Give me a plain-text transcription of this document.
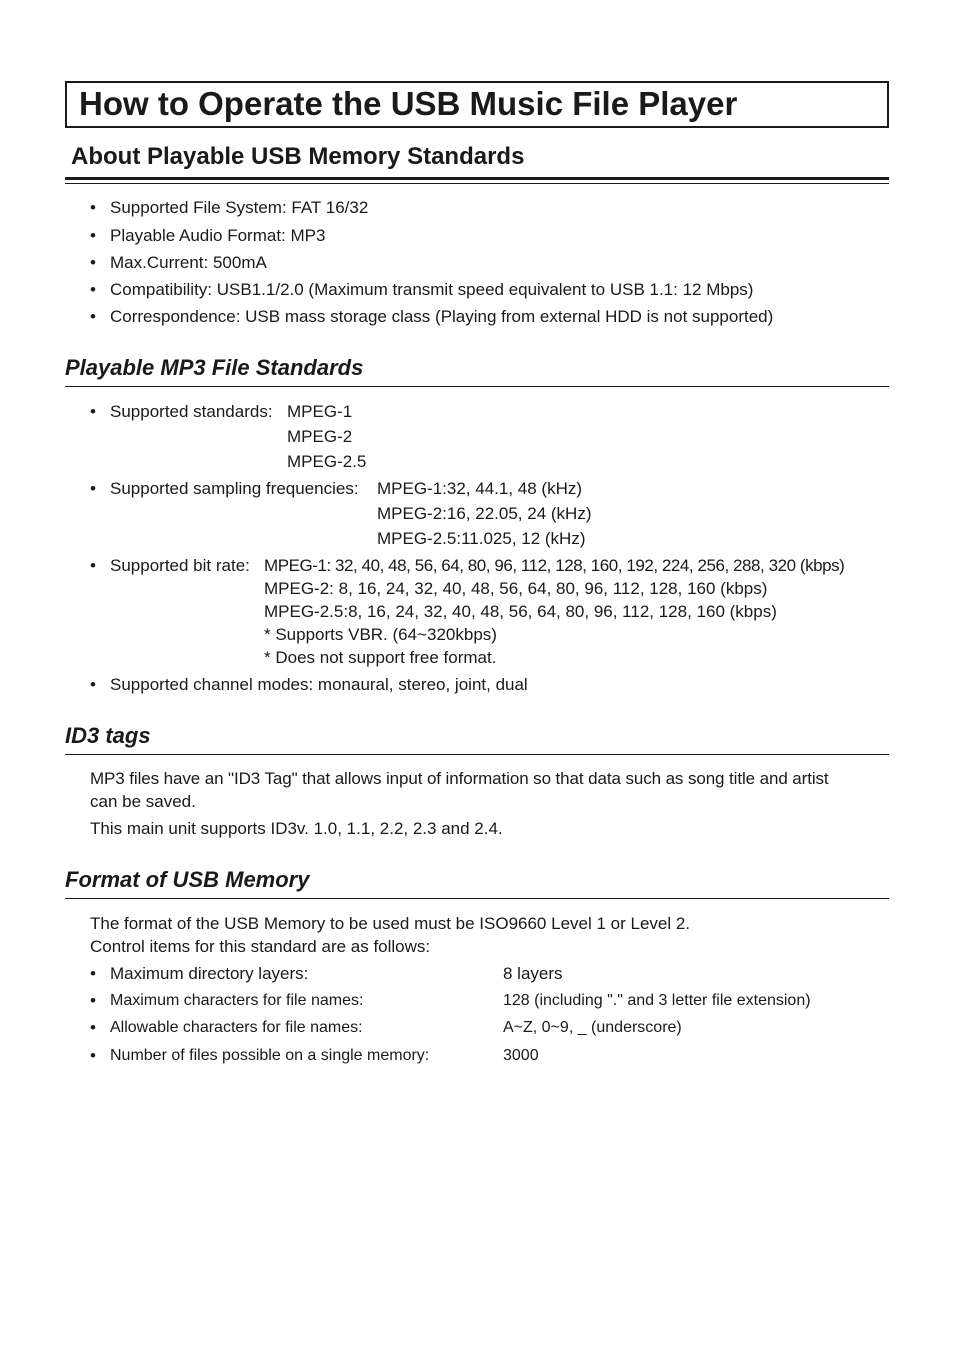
How to Operate the USB Music File Player
About Playable USB Memory Standards
• Supported File System: FAT 16/32
• Playable Audio Format: MP3
• Max.Current: 500mA
• Compatibility: USB1.1/2.0 (Maximum transmit speed equivalent to USB 1.1: 12 Mbps)
• Correspondence: USB mass storage class (Playing from external HDD is not supported)
Playable MP3 File Standards
• Supported standards: MPEG-1
MPEG-2
MPEG-2.5
• Supported sampling frequencies: MPEG-1:32, 44.1, 48 (kHz)
MPEG-2:16, 22.05, 24 (kHz)
MPEG-2.5:11.025, 12 (kHz)
• Supported bit rate: MPEG-1: 32, 40, 48, 56, 64, 80, 96, 112, 128, 160, 192, 224, 256, 288, 320 (kbps)
MPEG-2: 8, 16, 24, 32, 40, 48, 56, 64, 80, 96, 112, 128, 160 (kbps)
MPEG-2.5:8, 16, 24, 32, 40, 48, 56, 64, 80, 96, 112, 128, 160 (kbps)
* Supports VBR. (64~320kbps)
* Does not support free format.
• Supported channel modes: monaural, stereo, joint, dual
ID3 tags
MP3 files have an "ID3 Tag" that allows input of information so that data such as song title and artist
can be saved.
This main unit supports ID3v. 1.0, 1.1, 2.2, 2.3 and 2.4.
Format of USB Memory
The format of the USB Memory to be used must be ISO9660 Level 1 or Level 2.
Control items for this standard are as follows:
• Maximum directory layers:	8 layers
• Maximum characters for file names:	128 (including "." and 3 letter file extension)
• Allowable characters for file names:	A~Z, 0~9, _ (underscore)
• Number of files possible on a single memory:	3000
